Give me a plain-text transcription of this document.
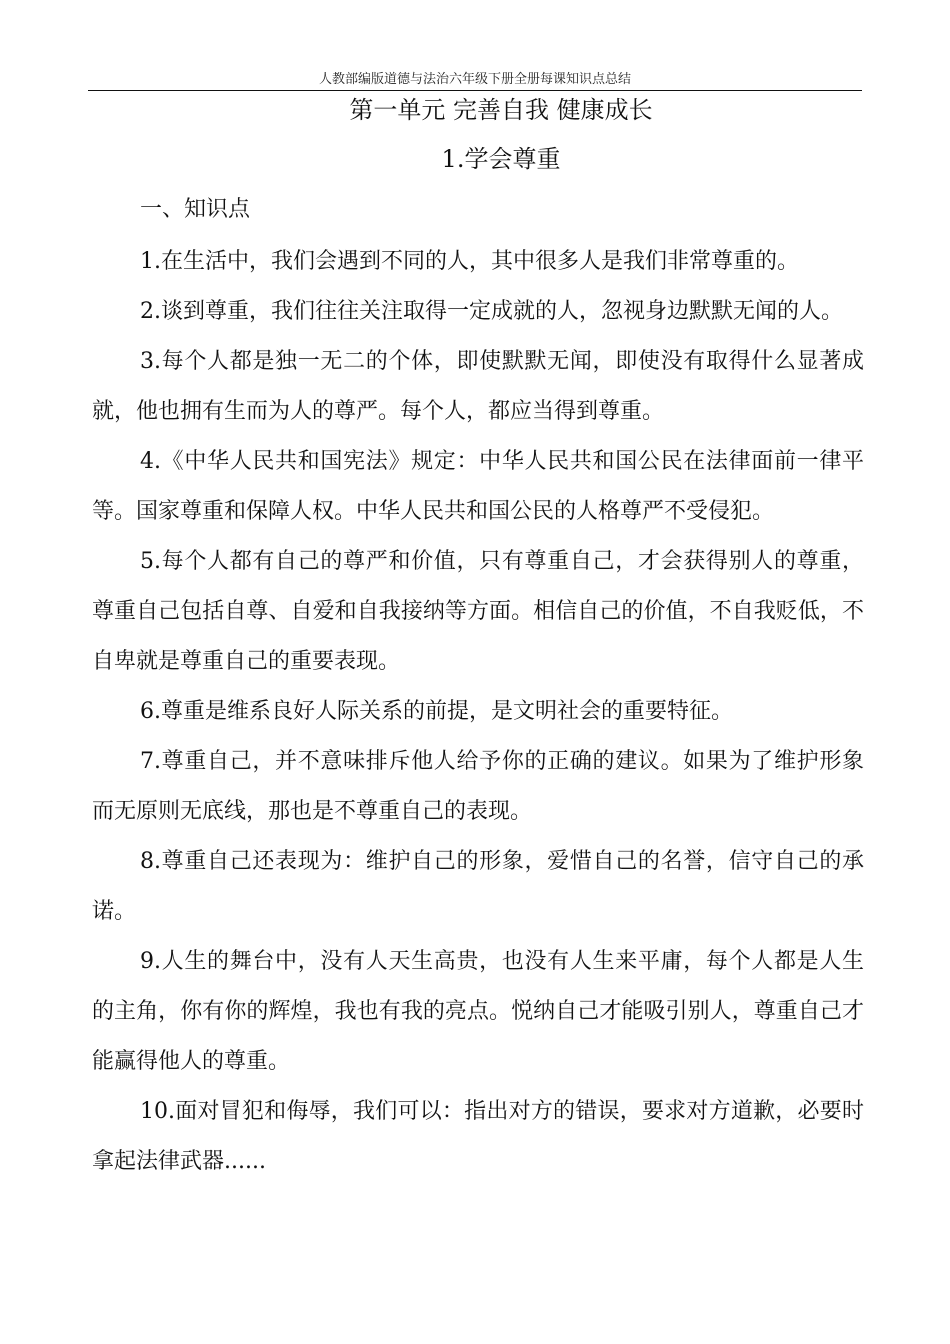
人教部编版道德与法治六年级下册全册每课知识点总结
第一单元 完善自我 健康成长
1.学会尊重
一、知识点

1.在生活中，我们会遇到不同的人，其中很多人是我们非常尊重的。

2.谈到尊重，我们往往关注取得一定成就的人，忽视身边默默无闻的人。

3.每个人都是独一无二的个体，即使默默无闻，即使没有取得什么显著成就，他也拥有生而为人的尊严。每个人，都应当得到尊重。

4.《中华人民共和国宪法》规定：中华人民共和国公民在法律面前一律平等。国家尊重和保障人权。中华人民共和国公民的人格尊严不受侵犯。

5.每个人都有自己的尊严和价值，只有尊重自己，才会获得别人的尊重，尊重自己包括自尊、自爱和自我接纳等方面。相信自己的价值，不自我贬低，不自卑就是尊重自己的重要表现。

6.尊重是维系良好人际关系的前提，是文明社会的重要特征。

7.尊重自己，并不意味排斥他人给予你的正确的建议。如果为了维护形象而无原则无底线，那也是不尊重自己的表现。

8.尊重自己还表现为：维护自己的形象，爱惜自己的名誉，信守自己的承诺。

9.人生的舞台中，没有人天生高贵，也没有人生来平庸，每个人都是人生的主角，你有你的辉煌，我也有我的亮点。悦纳自己才能吸引别人，尊重自己才能赢得他人的尊重。

10.面对冒犯和侮辱，我们可以：指出对方的错误，要求对方道歉，必要时拿起法律武器......
